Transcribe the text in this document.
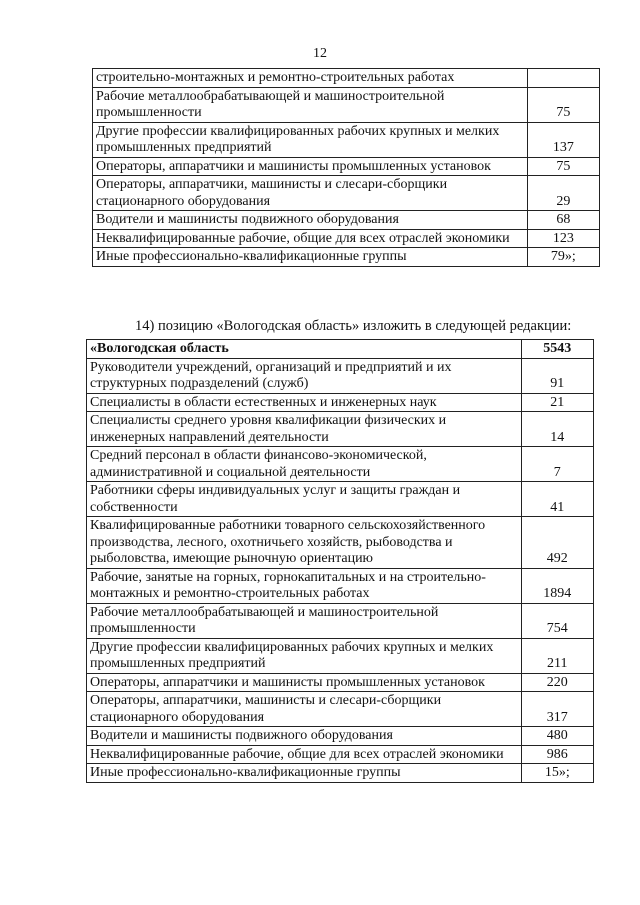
12
строительно-монтажных и ремонтно-строительных работах	
Рабочие металлообрабатывающей и машиностроительной промышленности	75
Другие профессии квалифицированных рабочих крупных и мелких промышленных предприятий	137
Операторы, аппаратчики и машинисты промышленных установок	75
Операторы, аппаратчики, машинисты и слесари-сборщики стационарного оборудования	29
Водители и машинисты подвижного оборудования	68
Неквалифицированные рабочие, общие для всех отраслей экономики	123
Иные профессионально-квалификационные группы	79»;
14) позицию «Вологодская область» изложить в следующей редакции:
«Вологодская область	5543
Руководители учреждений, организаций и предприятий и их структурных подразделений (служб)	91
Специалисты в области естественных и инженерных наук	21
Специалисты среднего уровня квалификации физических и инженерных направлений деятельности	14
Средний персонал в области финансово-экономической, административной и социальной деятельности	7
Работники сферы индивидуальных услуг и защиты граждан и собственности	41
Квалифицированные работники товарного сельскохозяйственного производства, лесного, охотничьего хозяйств, рыбоводства и рыболовства, имеющие рыночную ориентацию	492
Рабочие, занятые на горных, горнокапитальных и на строительно-монтажных и ремонтно-строительных работах	1894
Рабочие металлообрабатывающей и машиностроительной промышленности	754
Другие профессии квалифицированных рабочих крупных и мелких промышленных предприятий	211
Операторы, аппаратчики и машинисты промышленных установок	220
Операторы, аппаратчики, машинисты и слесари-сборщики стационарного оборудования	317
Водители и машинисты подвижного оборудования	480
Неквалифицированные рабочие, общие для всех отраслей экономики	986
Иные профессионально-квалификационные группы	15»;
